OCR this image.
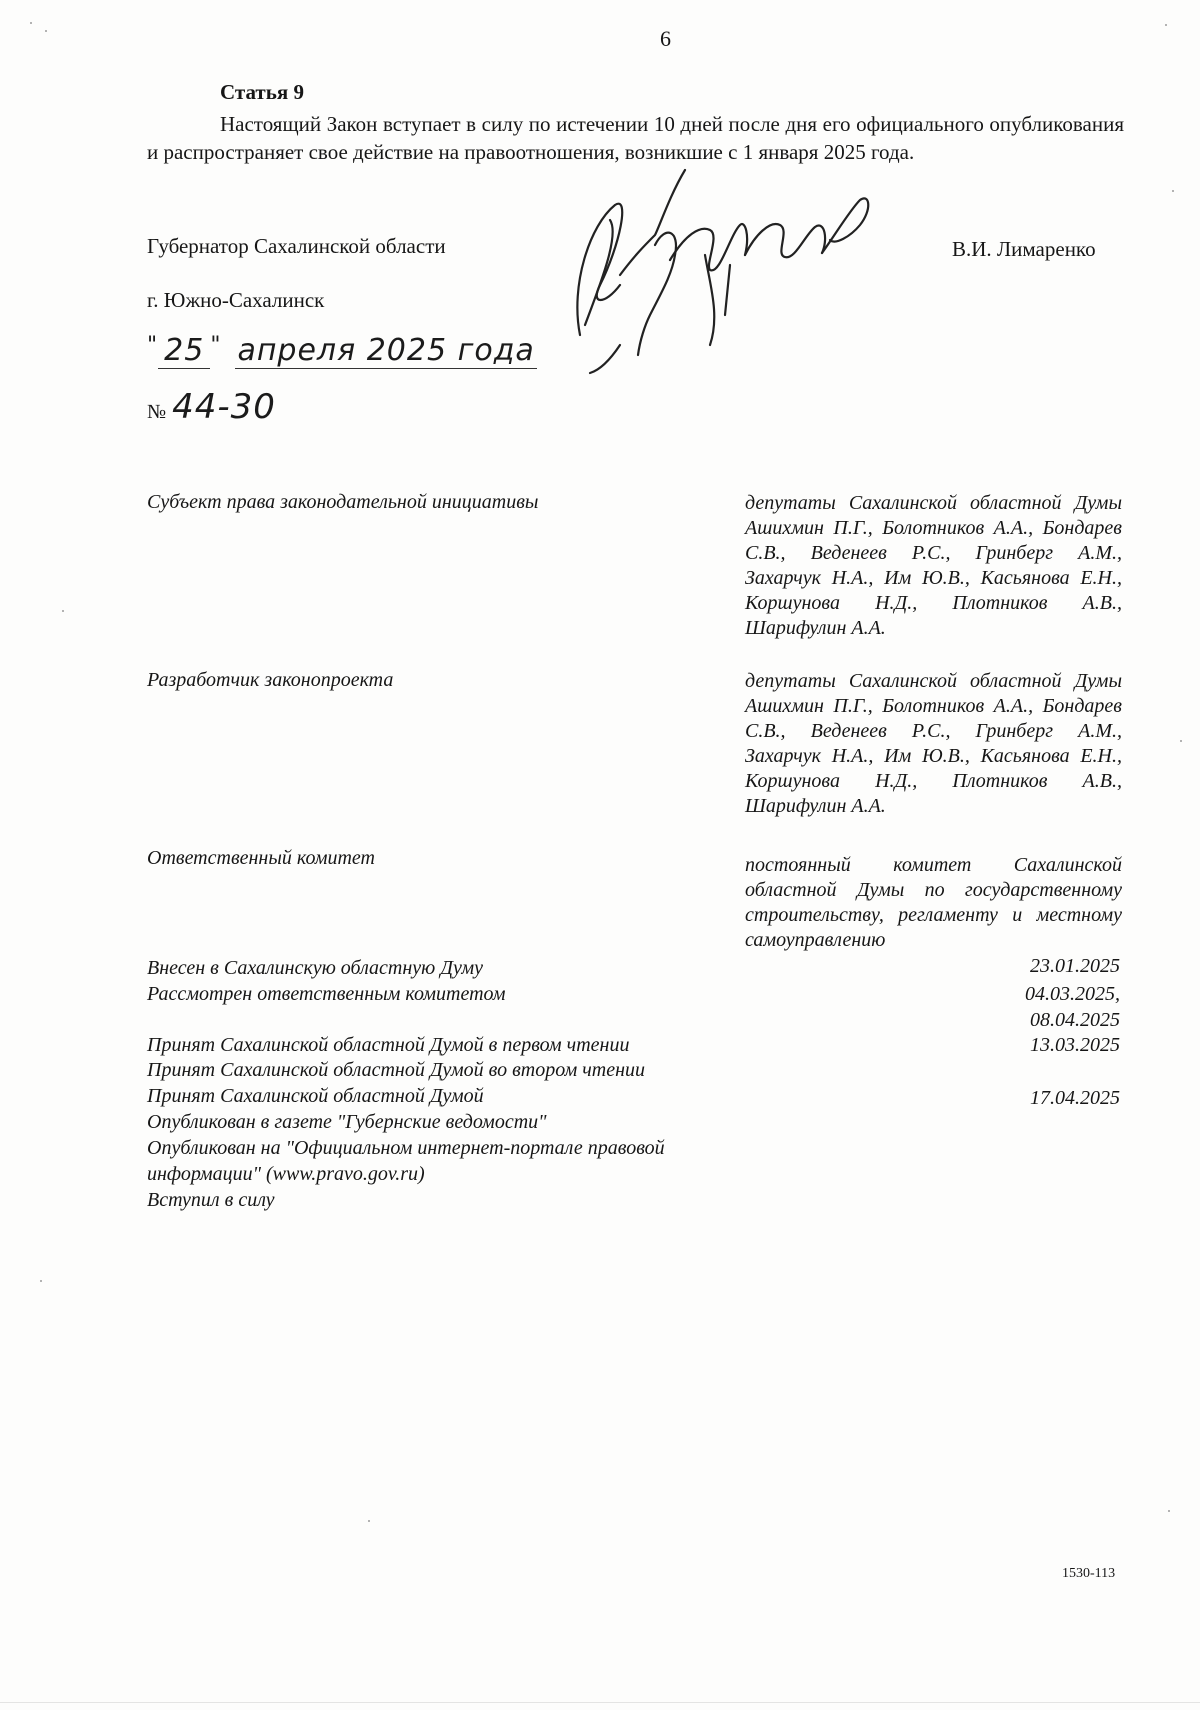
6
Статья 9
Настоящий Закон вступает в силу по истечении 10 дней после дня его официального опубликования и распространяет свое действие на правоотношения, возникшие с 1 января 2025 года.
Губернатор Сахалинской области	В.И. Лимаренко
г. Южно-Сахалинск
" 25 " апреля 2025 года
№ 44-30
Субъект права законодательной инициативы	депутаты Сахалинской областной Думы Ашихмин П.Г., Болотников А.А., Бондарев С.В., Веденеев Р.С., Гринберг А.М., Захарчук Н.А., Им Ю.В., Касьянова Е.Н., Коршунова Н.Д., Плотников А.В., Шарифулин А.А.
Разработчик законопроекта	депутаты Сахалинской областной Думы Ашихмин П.Г., Болотников А.А., Бондарев С.В., Веденеев Р.С., Гринберг А.М., Захарчук Н.А., Им Ю.В., Касьянова Е.Н., Коршунова Н.Д., Плотников А.В., Шарифулин А.А.
Ответственный комитет	постоянный комитет Сахалинской областной Думы по государственному строительству, регламенту и местному самоуправлению
Внесен в Сахалинскую областную Думу	23.01.2025
Рассмотрен ответственным комитетом	04.03.2025,
08.04.2025
Принят Сахалинской областной Думой в первом чтении	13.03.2025
Принят Сахалинской областной Думой во втором чтении
Принят Сахалинской областной Думой	17.04.2025
Опубликован в газете "Губернские ведомости"
Опубликован на "Официальном интернет-портале правовой информации" (www.pravo.gov.ru)
Вступил в силу
1530-113
